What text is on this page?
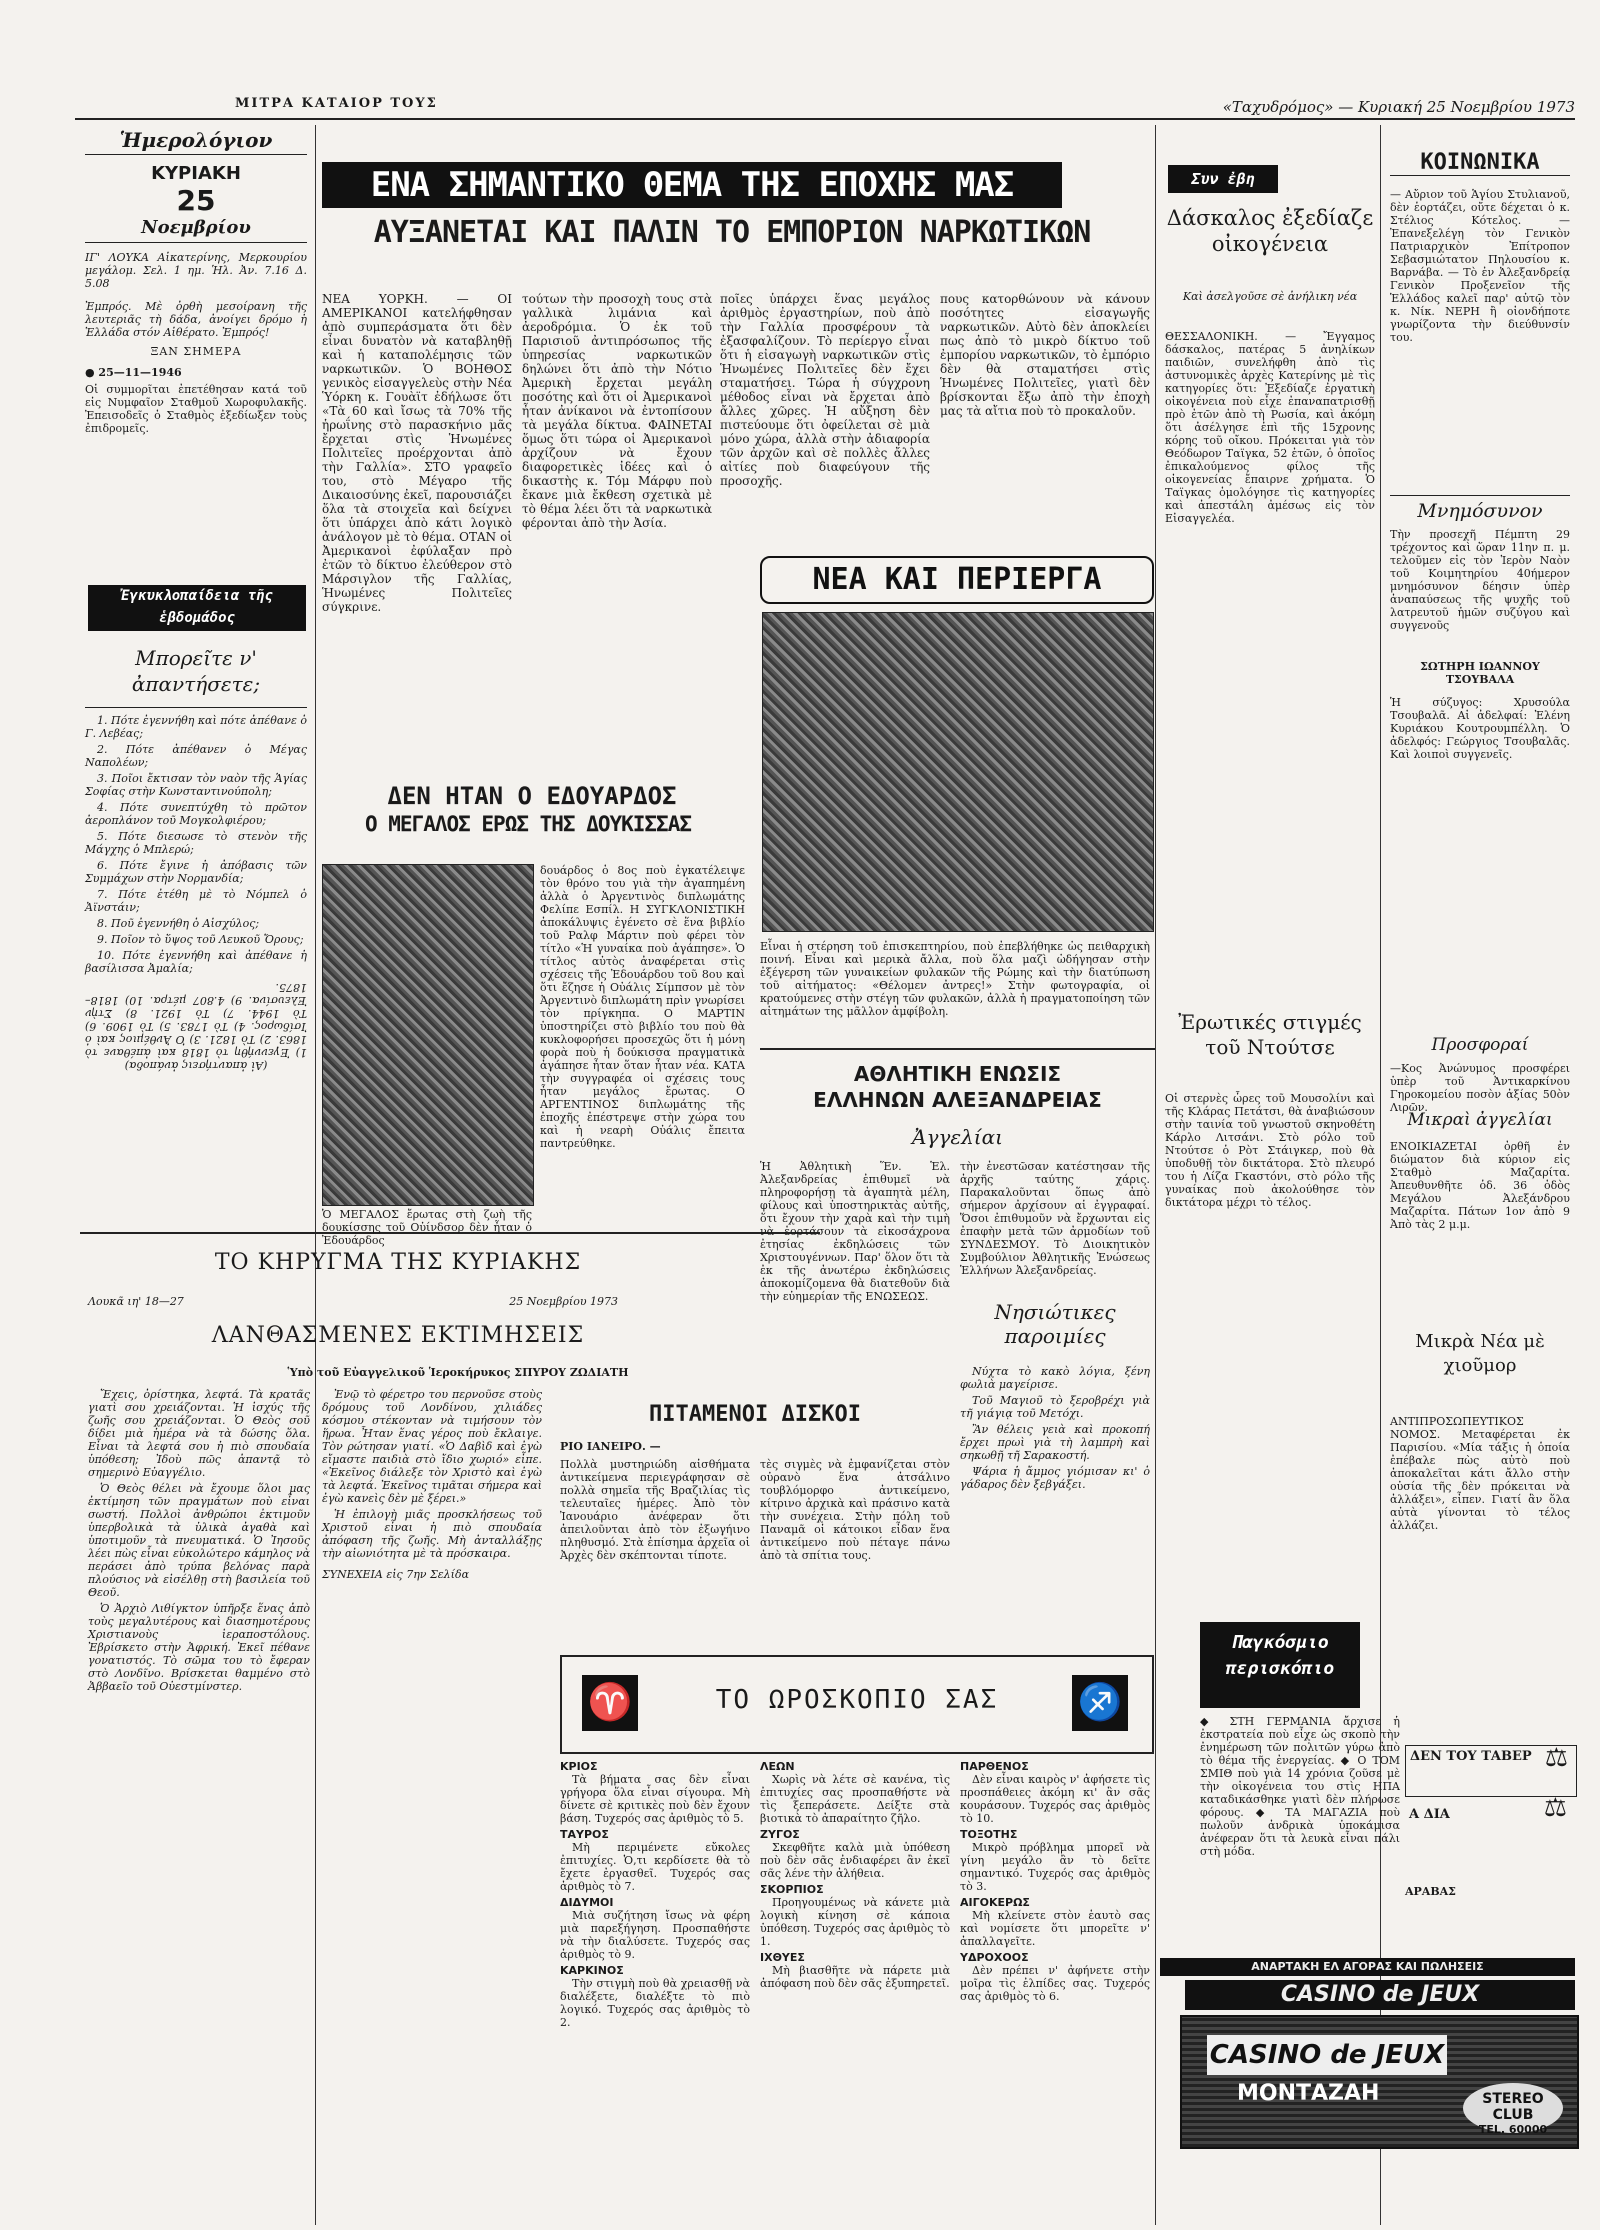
ΜΙΤΡΑ ΚΑΤΑΙΟΡ ΤΟΥΣ	«Ταχυδρόμος» — Κυριακή 25 Νοεμβρίου 1973
Ἡμερολόγιον
ΚΥΡΙΑΚΗ
25
Νοεμβρίου
ΙΓ' ΛΟΥΚΑ Αἰκατερίνης, Μερκουρίου μεγάλομ. Σελ. 1 ημ. Ἡλ. Ἀν. 7.16 Δ. 5.08
Ἐμπρός. Μὲ ὀρθὴ μεσοίρανη τῆς λευτεριᾶς τὴ δάδα, ἀνοίγει δρόμο ἡ Ἑλλάδα στόν Αἰθέρατο. Ἐμπρός!
ΞΑΝ ΣΗΜΕΡΑ
● 25—11—1946
Οἱ συμμορῖται ἐπετέθησαν κατά τοῦ εἰς Νυμφαῖον Σταθμοῦ Χωροφυλακῆς. Ἐπεισοδεῖς ὁ Σταθμὸς ἐξεδίωξεν τοὺς ἐπιδρομεῖς.
Ἐγκυκλοπαίδεια τῆς ἑβδομάδος
Μπορεῖτε ν' ἀπαντήσετε;

1. Πότε ἐγεννήθη καὶ πότε ἀπέθανε ὁ Γ. Λεβέας;

2. Πότε ἀπέθανεν ὁ Μέγας Ναπολέων;

3. Ποῖοι ἔκτισαν τὸν ναὸν τῆς Ἁγίας Σοφίας στὴν Κωνσταντινούπολη;

4. Πότε συνεπτύχθη τὸ πρῶτον ἀεροπλάνον τοῦ Μογκολφιέρου;

5. Πότε διεσωσε τὸ στενὸν τῆς Μάγχης ὁ Μπλερώ;

6. Πότε ἔγινε ἡ ἀπόβασις τῶν Συμμάχων στὴν Νορμανδία;

7. Πότε ἐτέθη μὲ τὸ Νόμπελ ὁ Ἀϊνστάιν;

8. Ποῦ ἐγεννήθη ὁ Αἰσχύλος;

9. Ποῖον τὸ ὕψος τοῦ Λευκοῦ Ὄρους;

10. Πότε ἐγεννήθη καὶ ἀπέθανε ἡ βασίλισσα Ἀμαλία;

(Αἱ ἀπαντήσεις ἀνάποδα)
1) Ἐγεννήθη τὸ 1818 καὶ ἀπέθανε τὸ 1863. 2) Τὸ 1821. 3) Ὁ Ἀνθέμιος καὶ ὁ Ἰσίδωρος. 4) Τὸ 1783. 5) Τὸ 1909. 6) Τὸ 1944. 7) Τὸ 1921. 8) Στὴν Ἐλευσίνα. 9) 4.807 μέτρα. 10) 1818–1875.
ΤΟ ΚΗΡΥΓΜΑ ΤΗΣ ΚΥΡΙΑΚΗΣ
Λουκᾶ ιη' 18—27	25 Νοεμβρίου 1973
ΛΑΝΘΑΣΜΕΝΕΣ ΕΚΤΙΜΗΣΕΙΣ
Ὑπὸ τοῦ Εὐαγγελικοῦ Ἱεροκήρυκος ΣΠΥΡΟΥ ΖΩΔΙΑΤΗ

Ἔχεις, ὀρίστηκα, λεφτά. Τὰ κρατᾶς γιατὶ σου χρειάζονται. Ἡ ἰσχύς τῆς ζωῆς σου χρειάζονται. Ὁ Θεὸς σοῦ δίδει μιὰ ἡμέρα νὰ τὰ δώσης ὅλα. Εἶναι τὰ λεφτά σου ἡ πιὸ σπουδαία ὑπόθεση; Ἰδοὺ πῶς ἀπαντᾷ τὸ σημερινὸ Εὐαγγέλιο.

Ὁ Θεὸς θέλει νὰ ἔχουμε ὅλοι μας ἐκτίμηση τῶν πραγμάτων ποὺ εἶναι σωστή. Πολλοὶ ἀνθρώποι ἐκτιμοῦν ὑπερβολικὰ τὰ ὑλικὰ ἀγαθὰ καὶ ὑποτιμοῦν τὰ πνευματικά. Ὁ Ἰησοῦς λέει πὼς εἶναι εὐκολώτερο κάμηλος νὰ περάσει ἀπὸ τρύπα βελόνας παρὰ πλούσιος νὰ εἰσέλθῃ στὴ βασιλεία τοῦ Θεοῦ.

Ὁ Ἀρχιὸ Λιθίγκτον ὑπῆρξε ἕνας ἀπὸ τοὺς μεγαλυτέρους καὶ διασημοτέρους Χριστιανοὺς ἱεραποστόλους. Ἐβρίσκετο στὴν Ἀφρική. Ἐκεῖ πέθανε γονατιστός. Τὸ σῶμα του τὸ ἔφεραν στὸ Λονδῖνο. Βρίσκεται θαμμένο στὸ Ἀββαεῖο τοῦ Οὐεστμίνστερ.

Ἐνῷ τὸ φέρετρο του περνοῦσε στοὺς δρόμους τοῦ Λονδίνου, χιλιάδες κόσμου στέκονταν νὰ τιμήσουν τὸν ἥρωα. Ἦταν ἕνας γέρος ποὺ ἔκλαιγε. Τὸν ρώτησαν γιατί. «Ὁ Δαβὶδ καὶ ἐγὼ εἴμαστε παιδιὰ στὸ ἴδιο χωριό» εἶπε. «Ἐκεῖνος διάλεξε τὸν Χριστὸ καὶ ἐγὼ τὰ λεφτά. Ἐκεῖνος τιμᾶται σήμερα καὶ ἐγὼ κανεὶς δὲν μὲ ξέρει.»

Ἡ ἐπιλογὴ μιᾶς προσκλήσεως τοῦ Χριστοῦ εἶναι ἡ πιὸ σπουδαία ἀπόφαση τῆς ζωῆς. Μὴ ἀνταλλάξῃς τὴν αἰωνιότητα μὲ τὰ πρόσκαιρα.

ΣΥΝΕΧΕΙΑ εἰς 7ην Σελίδα

ΕΝΑ ΣΗΜΑΝΤΙΚΟ ΘΕΜΑ ΤΗΣ ΕΠΟΧΗΣ ΜΑΣ
ΑΥΞΑΝΕΤΑΙ ΚΑΙ ΠΑΛΙΝ ΤΟ ΕΜΠΟΡΙΟΝ ΝΑΡΚΩΤΙΚΩΝ
ΝΕΑ ΥΟΡΚΗ. — ΟΙ ΑΜΕΡΙΚΑΝΟΙ κατελήφθησαν ἀπὸ συμπεράσματα ὅτι δὲν εἶναι δυνατὸν νὰ καταβληθῇ καὶ ἡ καταπολέμησις τῶν ναρκωτικῶν. Ὁ ΒΟΗΘΟΣ γενικὸς εἰσαγγελεὺς στὴν Νέα Ὑόρκη κ. Γουὰϊτ ἐδήλωσε ὅτι «Τὰ 60 καὶ ἴσως τὰ 70% τῆς ἡρωΐνης στὸ παρασκήνιο μᾶς ἔρχεται στὶς Ἡνωμένες Πολιτεῖες προέρχονται ἀπὸ τὴν Γαλλία». ΣΤΟ γραφεῖο του, στὸ Μέγαρο τῆς Δικαιοσύνης ἐκεῖ, παρουσιάζει ὅλα τὰ στοιχεῖα καὶ δείχνει ὅτι ὑπάρχει ἀπὸ κάτι λογικὸ ἀνάλογον μὲ τὸ θέμα. ΟΤΑΝ οἱ Ἀμερικανοὶ ἐφύλαξαν πρὸ ἐτῶν τὸ δίκτυο ἐλεύθερον στὸ Μάρσιγλον τῆς Γαλλίας, Ἡνωμένες Πολιτεῖες σύγκρινε.
τούτων τὴν προσοχὴ τους στὰ γαλλικὰ λιμάνια καὶ ἀεροδρόμια. Ὁ ἐκ τοῦ Παρισιοῦ ἀντιπρόσωπος τῆς ὑπηρεσίας ναρκωτικῶν δηλώνει ὅτι ἀπὸ τὴν Νότιο Ἀμερικὴ ἔρχεται μεγάλη ποσότης καὶ ὅτι οἱ Ἀμερικανοὶ ἦταν ἀνίκανοι νὰ ἐντοπίσουν τὰ μεγάλα δίκτυα. ΦΑΙΝΕΤΑΙ ὅμως ὅτι τώρα οἱ Ἀμερικανοὶ ἀρχίζουν νὰ ἔχουν διαφορετικὲς ἰδέες καὶ ὁ δικαστὴς κ. Τόμ Μάρφυ ποὺ ἔκανε μιὰ ἔκθεση σχετικὰ μὲ τὸ θέμα λέει ὅτι τὰ ναρκωτικὰ φέρονται ἀπὸ τὴν Ἀσία.
ποῖες ὑπάρχει ἕνας μεγάλος ἀριθμὸς ἐργαστηρίων, ποὺ ἀπὸ τὴν Γαλλία προσφέρουν τὰ ἐξασφαλίζουν. Τὸ περίεργο εἶναι ὅτι ἡ εἰσαγωγὴ ναρκωτικῶν στὶς Ἡνωμένες Πολιτεῖες δὲν ἔχει σταματήσει. Τώρα ἡ σύγχρονη μέθοδος εἶναι νὰ ἔρχεται ἀπὸ ἄλλες χῶρες. Ἡ αὔξηση δὲν πιστεύουμε ὅτι ὀφείλεται σὲ μιὰ μόνο χώρα, ἀλλὰ στὴν ἀδιαφορία τῶν ἀρχῶν καὶ σὲ πολλὲς ἄλλες αἰτίες ποὺ διαφεύγουν τῆς προσοχῆς.
πους κατορθώνουν νὰ κάνουν ποσότητες εἰσαγωγῆς ναρκωτικῶν. Αὐτὸ δὲν ἀποκλείει πως ἀπὸ τὸ μικρὸ δίκτυο τοῦ ἐμπορίου ναρκωτικῶν, τὸ ἐμπόριο δὲν θὰ σταματήσει στὶς Ἡνωμένες Πολιτεῖες, γιατὶ δὲν βρίσκονται ἔξω ἀπὸ τὴν ἐποχὴ μας τὰ αἴτια ποὺ τὸ προκαλοῦν.
ΔΕΝ ΗΤΑΝ Ο ΕΔΟΥΑΡΔΟΣ
Ο ΜΕΓΑΛΟΣ ΕΡΩΣ ΤΗΣ ΔΟΥΚΙΣΣΑΣ
Ὁ ΜΕΓΑΛΟΣ ἔρωτας στὴ ζωὴ τῆς δουκίσσης τοῦ Οὐίνδσορ δὲν ἦταν ὁ Ἐδουάρδος
δουάρδος ὁ 8ος ποὺ ἐγκατέλειψε τὸν θρόνο του γιὰ τὴν ἀγαπημένη ἀλλὰ ὁ Ἀργεντινὸς διπλωμάτης Φελίπε Εσπίλ. Η ΣΥΓΚΛΟΝΙΣΤΙΚΗ ἀποκάλυψις ἐγένετο σὲ ἕνα βιβλίο τοῦ Ραλφ Μάρτιν ποὺ φέρει τὸν τίτλο «Ἡ γυναίκα ποὺ ἀγάπησε». Ὁ τίτλος αὐτὸς ἀναφέρεται στὶς σχέσεις τῆς Ἐδουάρδου τοῦ 8ου καὶ ὅτι ἔζησε ἡ Οὐάλις Σίμπσον μὲ τὸν Ἀργεντινὸ διπλωμάτη πρὶν γνωρίσει τὸν πρίγκηπα. Ο ΜΑΡΤΙΝ ὑποστηρίζει στὸ βιβλίο του ποὺ θὰ κυκλοφορήσει προσεχῶς ὅτι ἡ μόνη φορὰ ποὺ ἡ δούκισσα πραγματικὰ ἀγάπησε ἦταν ὅταν ἦταν νέα. ΚΑΤΑ τὴν συγγραφέα οἱ σχέσεις τους ἦταν μεγάλος ἔρωτας. Ο ΑΡΓΕΝΤΙΝΟΣ διπλωμάτης τῆς ἐποχῆς ἐπέστρεψε στὴν χώρα του καὶ ἡ νεαρὴ Οὐάλις ἔπειτα παντρεύθηκε.
ΝΕΑ ΚΑΙ ΠΕΡΙΕΡΓΑ
Εἶναι ἡ στέρηση τοῦ ἐπισκεπτηρίου, ποὺ ἐπεβλήθηκε ὡς πειθαρχικὴ ποινή. Εἶναι καὶ μερικὰ ἄλλα, ποὺ ὅλα μαζὶ ὡδήγησαν στὴν ἐξέγερση τῶν γυναικείων φυλακῶν τῆς Ρώμης καὶ τὴν διατύπωση τοῦ αἰτήματος: «Θέλομεν ἀντρες!» Στὴν φωτογραφία, οἱ κρατούμενες στὴν στέγη τῶν φυλακῶν, ἀλλὰ ἡ πραγματοποίηση τῶν αἰτημάτων της μᾶλλον ἀμφίβολη.
ΑΘΛΗΤΙΚΗ ΕΝΩΣΙΣ
ΕΛΛΗΝΩΝ ΑΛΕΞΑΝΔΡΕΙΑΣ
Ἀγγελίαι
Ἡ Ἀθλητικὴ Ἕν. Ἑλ. Ἀλεξανδρείας ἐπιθυμεῖ νὰ πληροφορήσῃ τὰ ἀγαπητὰ μέλη, φίλους καὶ ὑποστηρικτὰς αὐτῆς, ὅτι ἔχουν τὴν χαρὰ καὶ τὴν τιμὴ νὰ ἑορτάσουν τὰ εἰκοσάχρονα ἐτησίας ἐκδηλώσεις τῶν Χριστουγέννων. Παρ' ὅλον ὅτι τὰ ἐκ τῆς ἀνωτέρω ἐκδηλώσεις ἀποκομίζομενα θὰ διατεθοῦν διὰ τὴν εὐημερίαν τῆς ΕΝΩΣΕΩΣ.
τὴν ἐνεστῶσαν κατέστησαν τῆς ἀρχῆς ταύτης χάρις. Παρακαλοῦνται ὅπως ἀπὸ σήμερον ἀρχίσουν αἱ ἐγγραφαί. Ὅσοι ἐπιθυμοῦν νὰ ἔρχωνται εἰς ἐπαφὴν μετὰ τῶν ἀρμοδίων τοῦ ΣΥΝΔΕΣΜΟΥ. Τὸ Διοικητικὸν Συμβούλιον Ἀθλητικῆς Ἑνώσεως Ἑλλήνων Ἀλεξανδρείας.
ΠΙΤΑΜΕΝΟΙ ΔΙΣΚΟΙ
ΡΙΟ ΙΑΝΕΙΡΟ. —
Πολλὰ μυστηριώδη αἰσθήματα ἀντικείμενα περιεγράφησαν σὲ πολλὰ σημεῖα τῆς Βραζιλίας τὶς τελευταῖες ἡμέρες. Ἀπὸ τὸν Ἰανουάριο ἀνέφεραν ὅτι ἀπειλοῦνται ἀπὸ τὸν ἐξωγήινο πληθυσμό. Στὰ ἐπίσημα ἀρχεῖα οἱ Ἀρχὲς δὲν σκέπτονται τίποτε.
τὲς σιγμὲς νὰ ἐμφανίζεται στὸν οὐρανὸ ἕνα ἀτσάλινο τουβλόμορφο ἀντικείμενο, κίτρινο ἀρχικὰ καὶ πράσινο κατὰ τὴν συνέχεια. Στὴν πόλη τοῦ Παναμᾶ οἱ κάτοικοι εἶδαν ἕνα ἀντικείμενο ποὺ πέταγε πάνω ἀπὸ τὰ σπίτια τους.
Νησιώτικες παροιμίες

Νύχτα τὸ κακὸ λόγια, ξένη φωλιὰ μαγείρισε.

Τοῦ Μαγιοῦ τὸ ξεροβρέχι γιὰ τῆ γιάγιᾳ τοῦ Μετόχι.

Ἂν θέλεις γειὰ καὶ προκοπή ἔρχει πρωὶ γιὰ τὴ λαμπρὴ καὶ σηκωθῇ τῆ Σαρακοστή.

Ψάρια ἡ ἄμμος γιόμισαν κι' ὁ γάδαρος δὲν ξεβγάξει.

♈	ΤΟ ΩΡΟΣΚΟΠΙΟ ΣΑΣ	♐
ΚΡΙΟΣ

Τὰ βήματα σας δὲν εἶναι γρήγορα ὅλα εἶναι σίγουρα. Μὴ δίνετε σὲ κριτικὲς ποὺ δὲν ἔχουν βάση. Τυχερός σας ἀριθμὸς τὸ 5.

ΤΑΥΡΟΣ

Μὴ περιμένετε εὔκολες ἐπιτυχίες. Ὁ,τι κερδίσετε θὰ τὸ ἔχετε ἐργασθεῖ. Τυχερός σας ἀριθμὸς τὸ 7.

ΔΙΔΥΜΟΙ

Μιὰ συζήτηση ἴσως νὰ φέρη μιὰ παρεξήγηση. Προσπαθήστε νὰ τὴν διαλύσετε. Τυχερός σας ἀριθμὸς τὸ 9.

ΚΑΡΚΙΝΟΣ

Τὴν στιγμὴ ποὺ θὰ χρειασθῇ νὰ διαλέξετε, διαλέξτε τὸ πιὸ λογικό. Τυχερός σας ἀριθμὸς τὸ 2.

ΛΕΩΝ

Χωρὶς νὰ λέτε σὲ κανένα, τὶς ἐπιτυχίες σας προσπαθήστε νὰ τὶς ξεπεράσετε. Δείξτε στὰ βιοτικὰ τὸ ἀπαραίτητο ζῆλο.

ΖΥΓΟΣ

Σκεφθῆτε καλὰ μιὰ ὑπόθεση ποὺ δὲν σᾶς ἐνδιαφέρει ἂν ἐκεῖ σᾶς λένε τὴν ἀλήθεια.

ΣΚΟΡΠΙΟΣ

Προηγουμένως νὰ κάνετε μιὰ λογικὴ κίνηση σὲ κάποια ὑπόθεση. Τυχερός σας ἀριθμὸς τὸ 1.

ΙΧΘΥΕΣ

Μὴ βιασθῆτε νὰ πάρετε μιὰ ἀπόφαση ποὺ δὲν σᾶς ἐξυπηρετεῖ.

ΠΑΡΘΕΝΟΣ

Δὲν εἶναι καιρὸς ν' ἀφήσετε τὶς προσπάθειες ἀκόμη κι' ἂν σᾶς κουράσουν. Τυχερός σας ἀριθμὸς τὸ 10.

ΤΟΞΟΤΗΣ

Μικρὸ πρόβλημα μπορεῖ νὰ γίνη μεγάλο ἂν τὸ δεῖτε σημαντικό. Τυχερός σας ἀριθμὸς τὸ 3.

ΑΙΓΟΚΕΡΩΣ

Μὴ κλείνετε στὸν ἑαυτὸ σας καὶ νομίσετε ὅτι μπορεῖτε ν' ἀπαλλαγεῖτε.

ΥΔΡΟΧΟΟΣ

Δὲν πρέπει ν' ἀφήνετε στὴν μοῖρα τὶς ἐλπίδες σας. Τυχερός σας ἀριθμὸς τὸ 6.

Συν ἐβη
Δάσκαλος ἐξεδίαζε οἰκογένεια
Καὶ ἀσελγοῦσε σὲ ἀνήλικη νέα
ΘΕΣΣΑΛΟΝΙΚΗ. — Ἔγγαμος δάσκαλος, πατέρας 5 ἀνηλίκων παιδιῶν, συνελήφθη ἀπὸ τὶς ἀστυνομικὲς ἀρχὲς Κατερίνης μὲ τὶς κατηγορίες ὅτι: Ἐξεδίαζε ἐργατικὴ οἰκογένεια ποὺ εἶχε ἐπαναπατρισθῇ πρὸ ἐτῶν ἀπὸ τὴ Ρωσία, καὶ ἀκόμη ὅτι ἀσέλγησε ἐπὶ τῆς 15χρονης κόρης τοῦ οἴκου. Πρόκειται γιὰ τὸν Θεόδωρον Ταϊγκα, 52 ἐτῶν, ὁ ὁποῖος ἐπικαλούμενος φίλος τῆς οἰκογενείας ἔπαιρνε χρήματα. Ὁ Ταϊγκας ὁμολόγησε τὶς κατηγορίες καὶ ἀπεστάλη ἀμέσως εἰς τὸν Εἰσαγγελέα.
Ἐρωτικές στιγμές τοῦ Ντούτσε
Οἱ στερνὲς ὧρες τοῦ Μουσολίνι καὶ τῆς Κλάρας Πετάτσι, θὰ ἀναβιώσουν στὴν ταινία τοῦ γνωστοῦ σκηνοθέτη Κάρλο Λιτσάνι. Στὸ ρόλο τοῦ Ντούτσε ὁ Ρὸτ Στάιγκερ, ποὺ θὰ ὑποδυθῇ τὸν δικτάτορα. Στὸ πλευρό του ἡ Λίζα Γκαστόνι, στὸ ρόλο τῆς γυναίκας ποὺ ἀκολούθησε τὸν δικτάτορα μέχρι τὸ τέλος.
ΚΟΙΝΩΝΙΚΑ
— Αὔριον τοῦ Ἁγίου Στυλιανοῦ, δὲν ἑορτάζει, οὔτε δέχεται ὁ κ. Στέλιος Κότελος. — Ἐπανεξελέγη τὸν Γενικὸν Πατριαρχικὸν Ἐπίτροπον Σεβασμιώτατον Πηλουσίου κ. Βαρνάβα. — Τὸ ἐν Ἀλεξανδρείᾳ Γενικὸν Προξενεῖον τῆς Ἑλλάδος καλεῖ παρ' αὐτῷ τὸν κ. Νίκ. ΝΕΡΗ ἢ οἱονδήποτε γνωρίζοντα τὴν διεύθυνσίν του.
Μνημόσυνον
Τὴν προσεχῆ Πέμπτη 29 τρέχοντος καὶ ὥραν 11ην π. μ. τελοῦμεν εἰς τὸν Ἱερὸν Ναὸν τοῦ Κοιμητηρίου 40ήμερον μνημόσυνον δέησιν ὑπὲρ ἀναπαύσεως τῆς ψυχῆς τοῦ λατρευτοῦ ἡμῶν συζύγου καὶ συγγενοῦς
ΣΩΤΗΡΗ ΙΩΑΝΝΟΥ ΤΣΟΥΒΑΛΑ
Ἡ σύζυγος: Χρυσούλα Τσουβαλᾶ. Αἱ ἀδελφαί: Ἑλένη Κυριάκου Κουτρουμπέλλη. Ὁ ἀδελφός: Γεώργιος Τσουβαλᾶς. Καὶ λοιποὶ συγγενεῖς.
Προσφοραί
—Κος Ἀνώνυμος προσφέρει ὑπὲρ τοῦ Ἀντικαρκίνου Γηροκομείου ποσὸν ἀξίας 50ὸν Λιρῶν.
Μικραὶ ἀγγελίαι
ΕΝΟΙΚΙΑΖΕΤΑΙ ὀρθῆ ἐν διώματον διὰ κύριον εἰς Σταθμὸ Μαζαρίτα. Ἀπευθυνθῆτε ὁδ. 36 ὁδὸς Μεγάλου Ἀλεξάνδρου Μαζαρίτα. Πάτων 1ον ἀπὸ 9 Ἀπὸ τὰς 2 μ.μ.
Μικρὰ Νέα μὲ χιοῦμορ
ΑΝΤΙΠΡΟΣΩΠΕΥΤΙΚΟΣ ΝΟΜΟΣ. Μεταφέρεται ἐκ Παρισίου. «Μία τάξις ἡ ὁποία ἐπέβαλε πὼς αὐτὸ ποὺ ἀποκαλεῖται κάτι ἄλλο στὴν οὐσία τῆς δὲν πρόκειται νὰ ἀλλάξει», εἶπεν. Γιατί ἂν ὅλα αὐτὰ γίνονται τὸ τέλος ἀλλάζει.
Παγκόσμιο περισκόπιο
◆ ΣΤΗ ΓΕΡΜΑΝΙΑ ἄρχισε ἡ ἐκστρατεία ποὺ εἶχε ὡς σκοπὸ τὴν ἐνημέρωση τῶν πολιτῶν γύρω ἀπὸ τὸ θέμα τῆς ἐνεργείας. ◆ Ο ΤΟΜ ΣΜΙΘ ποὺ γιὰ 14 χρόνια ζοῦσε μὲ τὴν οἰκογένεια του στὶς ΗΠΑ καταδικάσθηκε γιατὶ δὲν πλήρωσε φόρους. ◆ ΤΑ ΜΑΓΑΖΙΑ ποὺ πωλοῦν ἀνδρικὰ ὑποκάμισα ἀνέφεραν ὅτι τὰ λευκὰ εἶναι πάλι στὴ μόδα.
ΔΕΝ ΤΟΥ ΤΑΒΕΡ ⚖
Α ΔΙΑ	⚖
ΑΡΑΒΑΣ
ΑΝΑΡΤΑΚΗ ΕΛ ΑΓΟΡΑΣ ΚΑΙ ΠΩΛΗΣΕΙΣ
CASINO de JEUX
CASINO de JEUX
ΜΟΝΤΑΖΑΗ	STEREO CLUB
TEL. 60000
